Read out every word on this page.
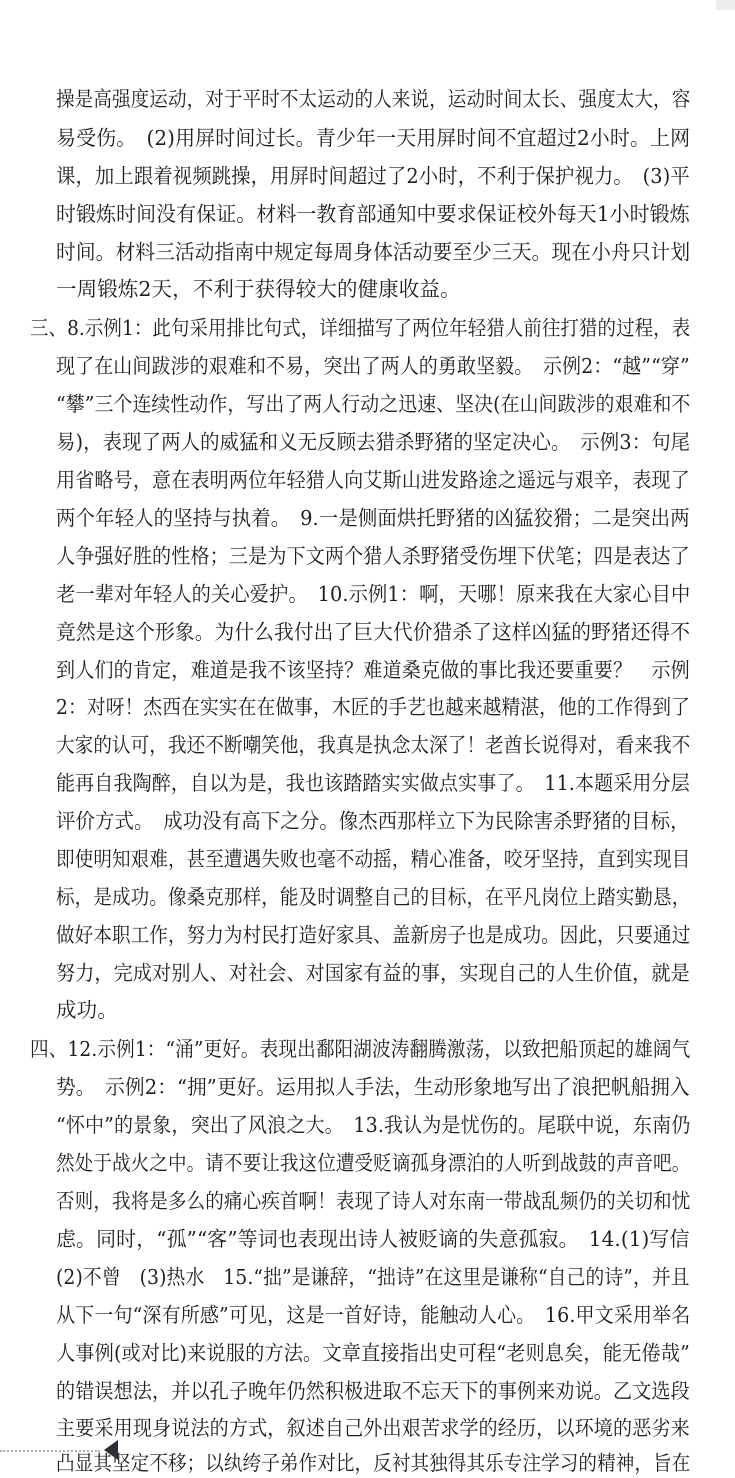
操是高强度运动，对于平时不太运动的人来说，运动时间太长、强度太大，容
易受伤。　(2)用屏时间过长。青少年一天用屏时间不宜超过2小时。上网
课，加上跟着视频跳操，用屏时间超过了2小时，不利于保护视力。　(3)平
时锻炼时间没有保证。材料一教育部通知中要求保证校外每天1小时锻炼
时间。材料三活动指南中规定每周身体活动要至少三天。现在小舟只计划
一周锻炼2天，不利于获得较大的健康收益。
三、8.示例1：此句采用排比句式，详细描写了两位年轻猎人前往打猎的过程，表
现了在山间跋涉的艰难和不易，突出了两人的勇敢坚毅。　示例2：“越”“穿”
“攀”三个连续性动作，写出了两人行动之迅速、坚决(在山间跋涉的艰难和不
易)，表现了两人的威猛和义无反顾去猎杀野猪的坚定决心。　示例3：句尾
用省略号，意在表明两位年轻猎人向艾斯山进发路途之遥远与艰辛，表现了
两个年轻人的坚持与执着。　9.一是侧面烘托野猪的凶猛狡猾；二是突出两
人争强好胜的性格；三是为下文两个猎人杀野猪受伤埋下伏笔；四是表达了
老一辈对年轻人的关心爱护。　10.示例1：啊，天哪！原来我在大家心目中
竟然是这个形象。为什么我付出了巨大代价猎杀了这样凶猛的野猪还得不
到人们的肯定，难道是我不该坚持？难道桑克做的事比我还要重要？　示例
2：对呀！杰西在实实在在做事，木匠的手艺也越来越精湛，他的工作得到了
大家的认可，我还不断嘲笑他，我真是执念太深了！老酋长说得对，看来我不
能再自我陶醉，自以为是，我也该踏踏实实做点实事了。　11.本题采用分层
评价方式。　成功没有高下之分。像杰西那样立下为民除害杀野猪的目标，
即使明知艰难，甚至遭遇失败也毫不动摇，精心准备，咬牙坚持，直到实现目
标，是成功。像桑克那样，能及时调整自己的目标，在平凡岗位上踏实勤恳，
做好本职工作，努力为村民打造好家具、盖新房子也是成功。因此，只要通过
努力，完成对别人、对社会、对国家有益的事，实现自己的人生价值，就是
成功。
四、12.示例1：“涌”更好。表现出鄱阳湖波涛翻腾激荡，以致把船顶起的雄阔气
势。　示例2：“拥”更好。运用拟人手法，生动形象地写出了浪把帆船拥入
“怀中”的景象，突出了风浪之大。　13.我认为是忧伤的。尾联中说，东南仍
然处于战火之中。请不要让我这位遭受贬谪孤身漂泊的人听到战鼓的声音吧。
否则，我将是多么的痛心疾首啊！表现了诗人对东南一带战乱频仍的关切和忧
虑。同时，“孤”“客”等词也表现出诗人被贬谪的失意孤寂。　14.(1)写信
(2)不曾　(3)热水　15.“拙”是谦辞，“拙诗”在这里是谦称“自己的诗”，并且
从下一句“深有所感”可见，这是一首好诗，能触动人心。　16.甲文采用举名
人事例(或对比)来说服的方法。文章直接指出史可程“老则息矣，能无倦哉”
的错误想法，并以孔子晚年仍然积极进取不忘天下的事例来劝说。乙文选段
主要采用现身说法的方式，叙述自己外出艰苦求学的经历，以环境的恶劣来
凸显其坚定不移；以纨绔子弟作对比，反衬其独得其乐专注学习的精神，旨在
